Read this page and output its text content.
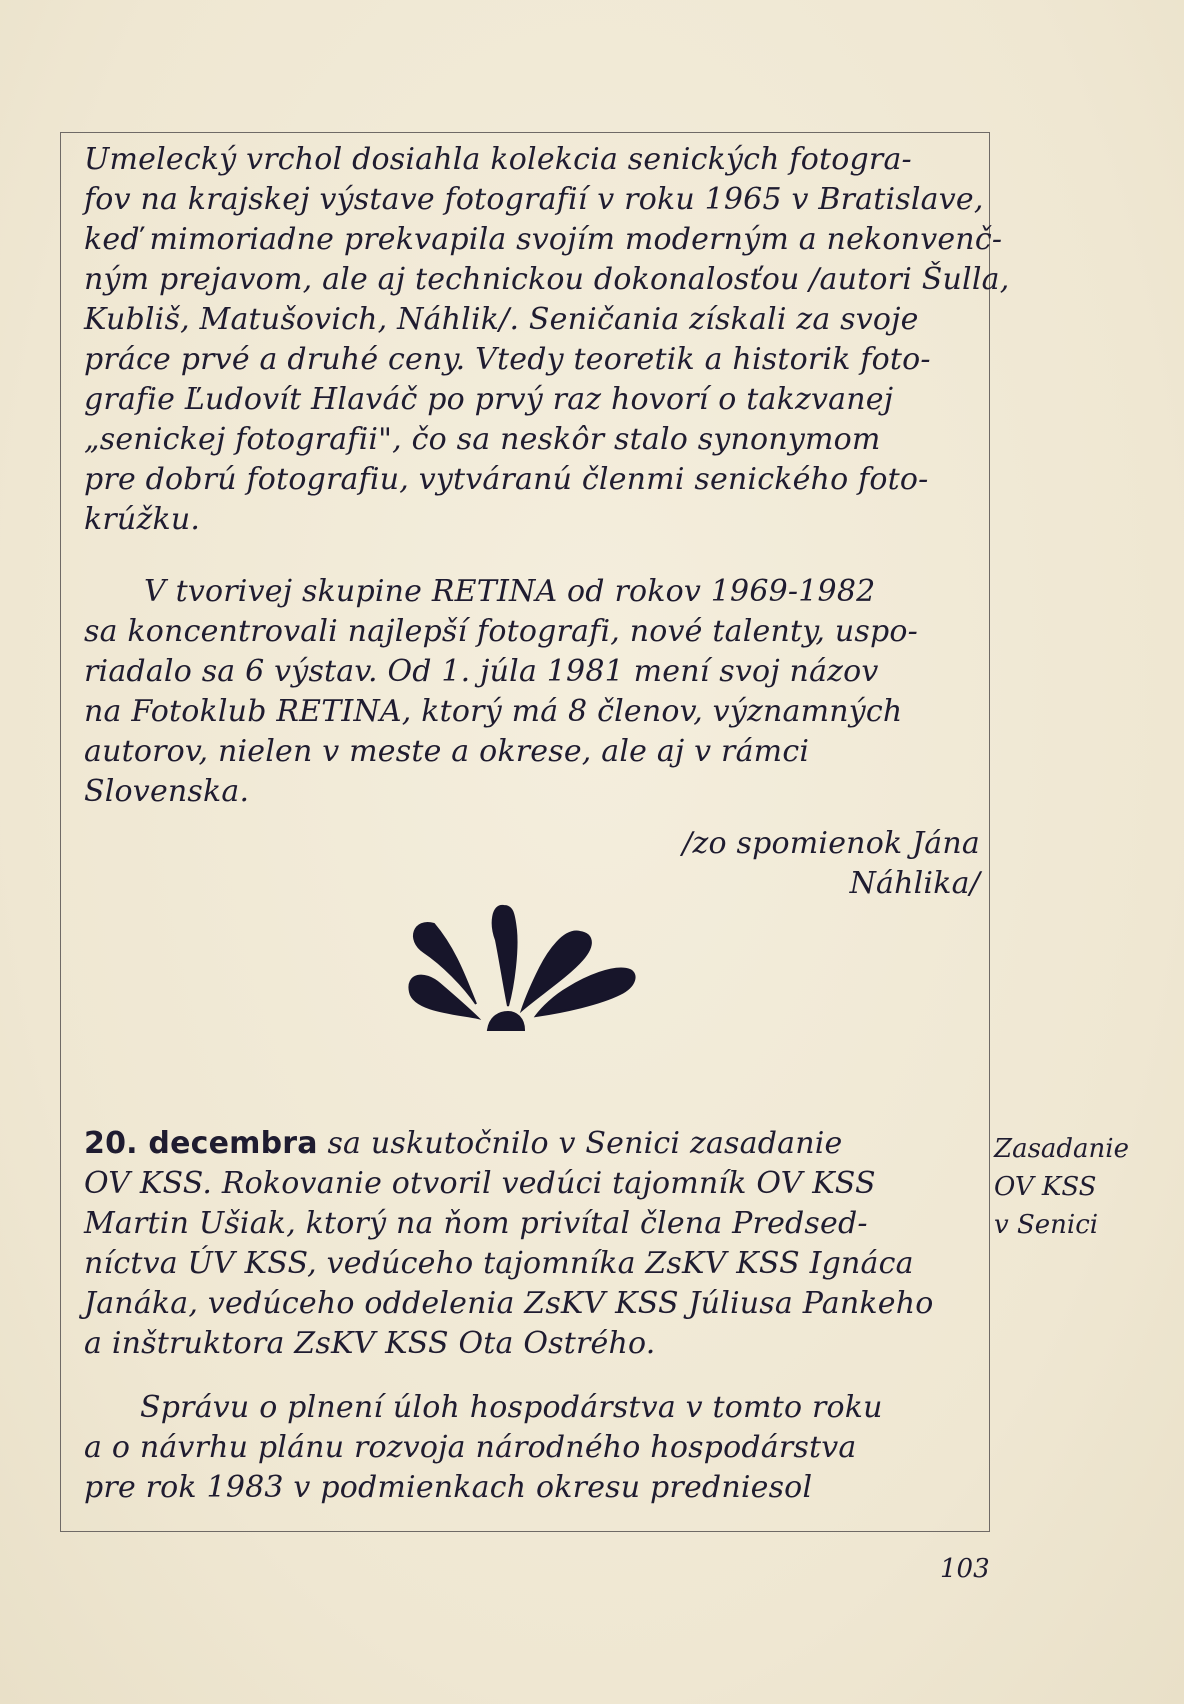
Umelecký vrchol dosiahla kolekcia senických fotogra-
fov na krajskej výstave fotografií v roku 1965 v Bratislave,
keď mimoriadne prekvapila svojím moderným a nekonvenč-
ným prejavom, ale aj technickou dokonalosťou /autori Šulla,
Kubliš, Matušovich, Náhlik/. Seničania získali za svoje
práce prvé a druhé ceny. Vtedy teoretik a historik foto-
grafie Ľudovít Hlaváč po prvý raz hovorí o takzvanej
„senickej fotografii", čo sa neskôr stalo synonymom
pre dobrú fotografiu, vytváranú členmi senického foto-
krúžku.
V tvorivej skupine RETINA od rokov 1969-1982
sa koncentrovali najlepší fotografi, nové talenty, uspo-
riadalo sa 6 výstav. Od 1. júla 1981 mení svoj názov
na Fotoklub RETINA, ktorý má 8 členov, významných
autorov, nielen v meste a okrese, ale aj v rámci
Slovenska.
/zo spomienok Jána Náhlika/
20. decembra sa uskutočnilo v Senici zasadanie
OV KSS. Rokovanie otvoril vedúci tajomník OV KSS
Martin Ušiak, ktorý na ňom privítal člena Predsed-
níctva ÚV KSS, vedúceho tajomníka ZsKV KSS Ignáca
Janáka, vedúceho oddelenia ZsKV KSS Júliusa Pankeho
a inštruktora ZsKV KSS Ota Ostrého.
Správu o plnení úloh hospodárstva v tomto roku
a o návrhu plánu rozvoja národného hospodárstva
pre rok 1983 v podmienkach okresu predniesol
Zasadanie
OV KSS
v Senici
103
